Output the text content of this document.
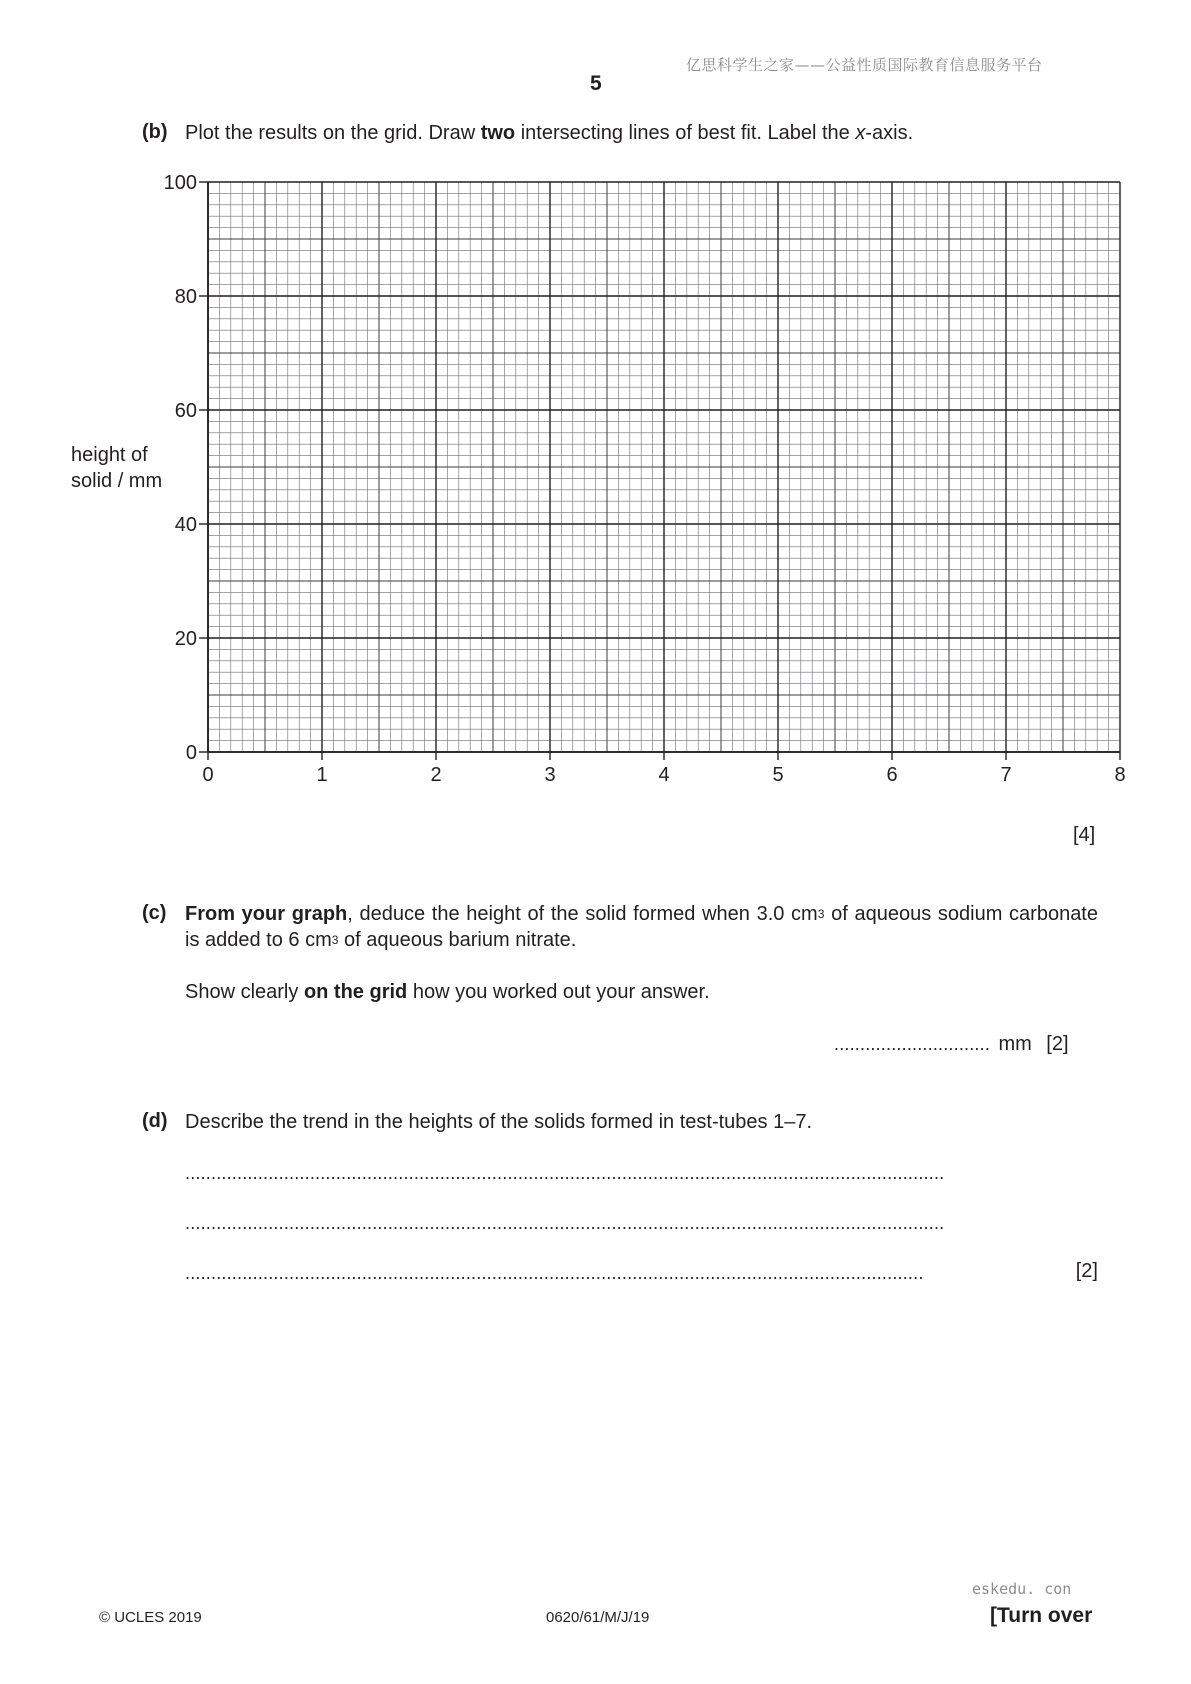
亿思科学生之家——公益性质国际教育信息服务平台
5
(b) Plot the results on the grid. Draw two intersecting lines of best fit. Label the x-axis.
height of
solid / mm
0	1	2	3	4	5	6	7	8
0
20
40
60
80
100
[4]
(c) From your graph, deduce the height of the solid formed when 3.0 $cm^3$ of aqueous sodium carbonate is added to 6 $cm^3$ of aqueous barium nitrate.
Show clearly on the grid how you worked out your answer.
.............................. mm [2]
(d) Describe the trend in the heights of the solids formed in test-tubes 1–7.
..................................................................................................................................................
..................................................................................................................................................
..............................................................................................................................................	[2]
eskedu. con
© UCLES 2019	0620/61/M/J/19	[Turn over
